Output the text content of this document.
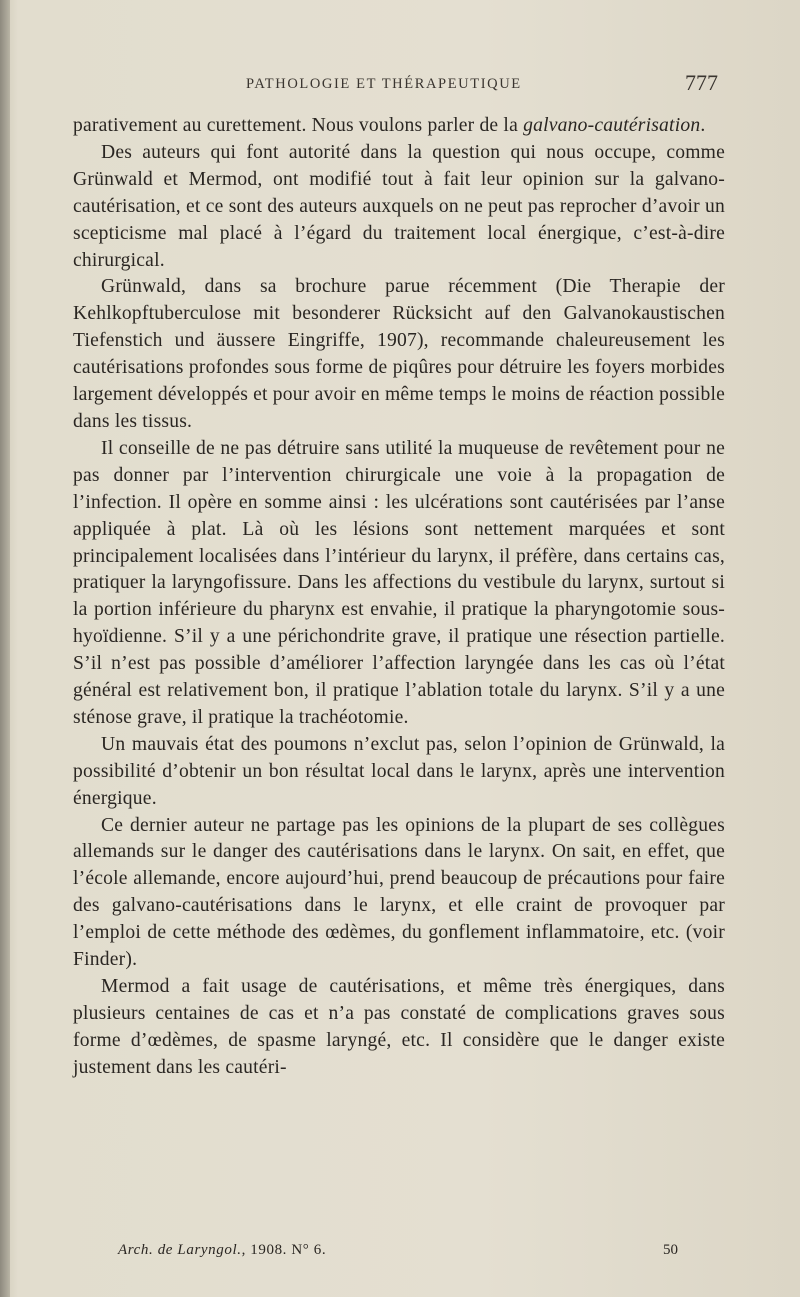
PATHOLOGIE ET THÉRAPEUTIQUE	777

parativement au curettement. Nous voulons parler de la galvano-cautérisation.

Des auteurs qui font autorité dans la question qui nous occupe, comme Grünwald et Mermod, ont modifié tout à fait leur opinion sur la galvano-cautérisation, et ce sont des auteurs auxquels on ne peut pas reprocher d’avoir un scepticisme mal placé à l’égard du traitement local énergique, c’est-à-dire chirurgical.

Grünwald, dans sa brochure parue récemment (Die Therapie der Kehlkopftuberculose mit besonderer Rücksicht auf den Galvanokaustischen Tiefenstich und äussere Eingriffe, 1907), recommande chaleureusement les cautérisations profondes sous forme de piqûres pour détruire les foyers morbides largement développés et pour avoir en même temps le moins de réaction possible dans les tissus.

Il conseille de ne pas détruire sans utilité la muqueuse de revêtement pour ne pas donner par l’intervention chirurgicale une voie à la propagation de l’infection. Il opère en somme ainsi : les ulcérations sont cautérisées par l’anse appliquée à plat. Là où les lésions sont nettement marquées et sont principalement localisées dans l’intérieur du larynx, il préfère, dans certains cas, pratiquer la laryngofissure. Dans les affections du vestibule du larynx, surtout si la portion inférieure du pharynx est envahie, il pratique la pharyngotomie sous-hyoïdienne. S’il y a une périchondrite grave, il pratique une résection partielle. S’il n’est pas possible d’améliorer l’affection laryngée dans les cas où l’état général est relativement bon, il pratique l’ablation totale du larynx. S’il y a une sténose grave, il pratique la trachéotomie.

Un mauvais état des poumons n’exclut pas, selon l’opinion de Grünwald, la possibilité d’obtenir un bon résultat local dans le larynx, après une intervention énergique.

Ce dernier auteur ne partage pas les opinions de la plupart de ses collègues allemands sur le danger des cautérisations dans le larynx. On sait, en effet, que l’école allemande, encore aujourd’hui, prend beaucoup de précautions pour faire des galvano-cautérisations dans le larynx, et elle craint de provoquer par l’emploi de cette méthode des œdèmes, du gonflement inflammatoire, etc. (voir Finder).

Mermod a fait usage de cautérisations, et même très énergiques, dans plusieurs centaines de cas et n’a pas constaté de complications graves sous forme d’œdèmes, de spasme laryngé, etc. Il considère que le danger existe justement dans les cautéri-

Arch. de Laryngol., 1908. N° 6.	50
